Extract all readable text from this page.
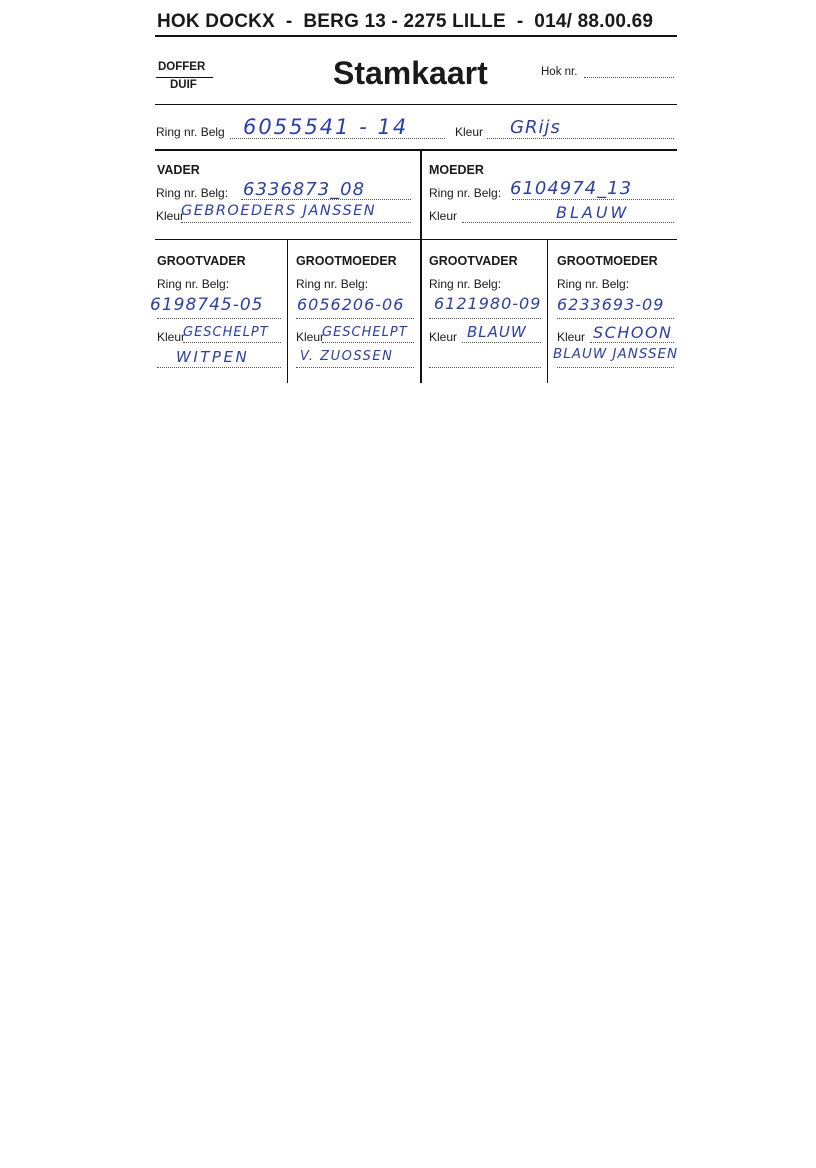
HOK DOCKX  -  BERG 13 - 2275 LILLE  -  014/ 88.00.69
DOFFER
DUIF	Stamkaart	Hok nr.
Ring nr. Belg 6055541 - 14	Kleur GRijs
VADER
Ring nr. Belg: 6336873_08
Kleur
GEBROEDERS JANSSEN
MOEDER
Ring nr. Belg: 6104974_13
Kleur	BLAUW
GROOTVADER
Ring nr. Belg:
6198745-05
Kleur
GESCHELPT
WITPEN
GROOTMOEDER
Ring nr. Belg:
6056206-06
Kleur
GESCHELPT
V. ZUOSSEN
GROOTVADER
Ring nr. Belg:
6121980-09
Kleur BLAUW
GROOTMOEDER
Ring nr. Belg:
6233693-09
Kleur SCHOON
BLAUW JANSSEN
